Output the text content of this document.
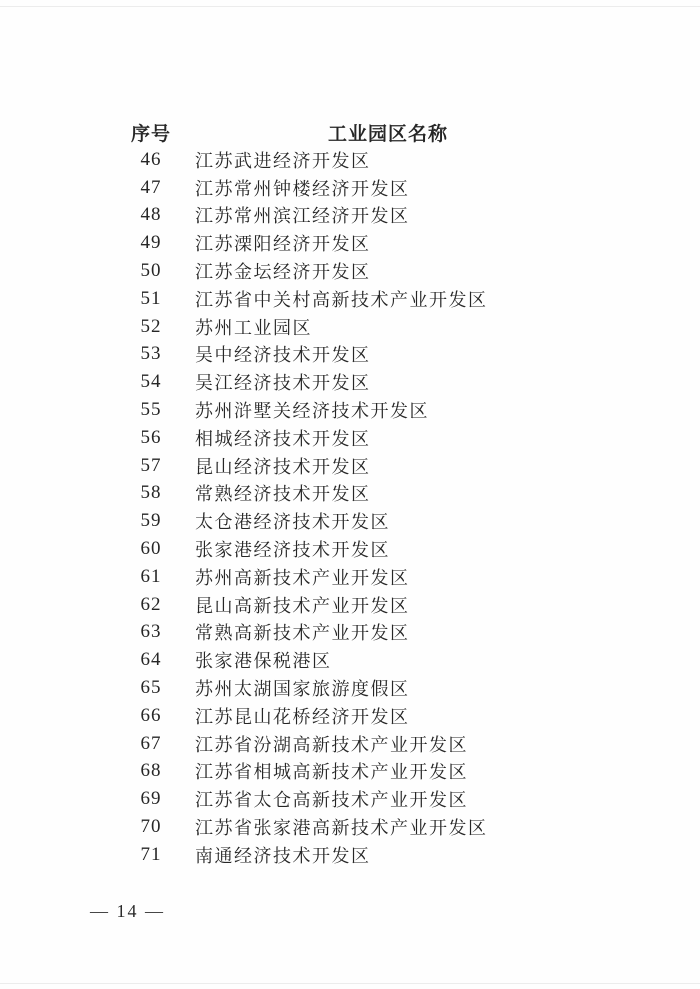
序号	工业园区名称
46	江苏武进经济开发区
47	江苏常州钟楼经济开发区
48	江苏常州滨江经济开发区
49	江苏溧阳经济开发区
50	江苏金坛经济开发区
51	江苏省中关村高新技术产业开发区
52	苏州工业园区
53	吴中经济技术开发区
54	吴江经济技术开发区
55	苏州浒墅关经济技术开发区
56	相城经济技术开发区
57	昆山经济技术开发区
58	常熟经济技术开发区
59	太仓港经济技术开发区
60	张家港经济技术开发区
61	苏州高新技术产业开发区
62	昆山高新技术产业开发区
63	常熟高新技术产业开发区
64	张家港保税港区
65	苏州太湖国家旅游度假区
66	江苏昆山花桥经济开发区
67	江苏省汾湖高新技术产业开发区
68	江苏省相城高新技术产业开发区
69	江苏省太仓高新技术产业开发区
70	江苏省张家港高新技术产业开发区
71	南通经济技术开发区
— 14 —
